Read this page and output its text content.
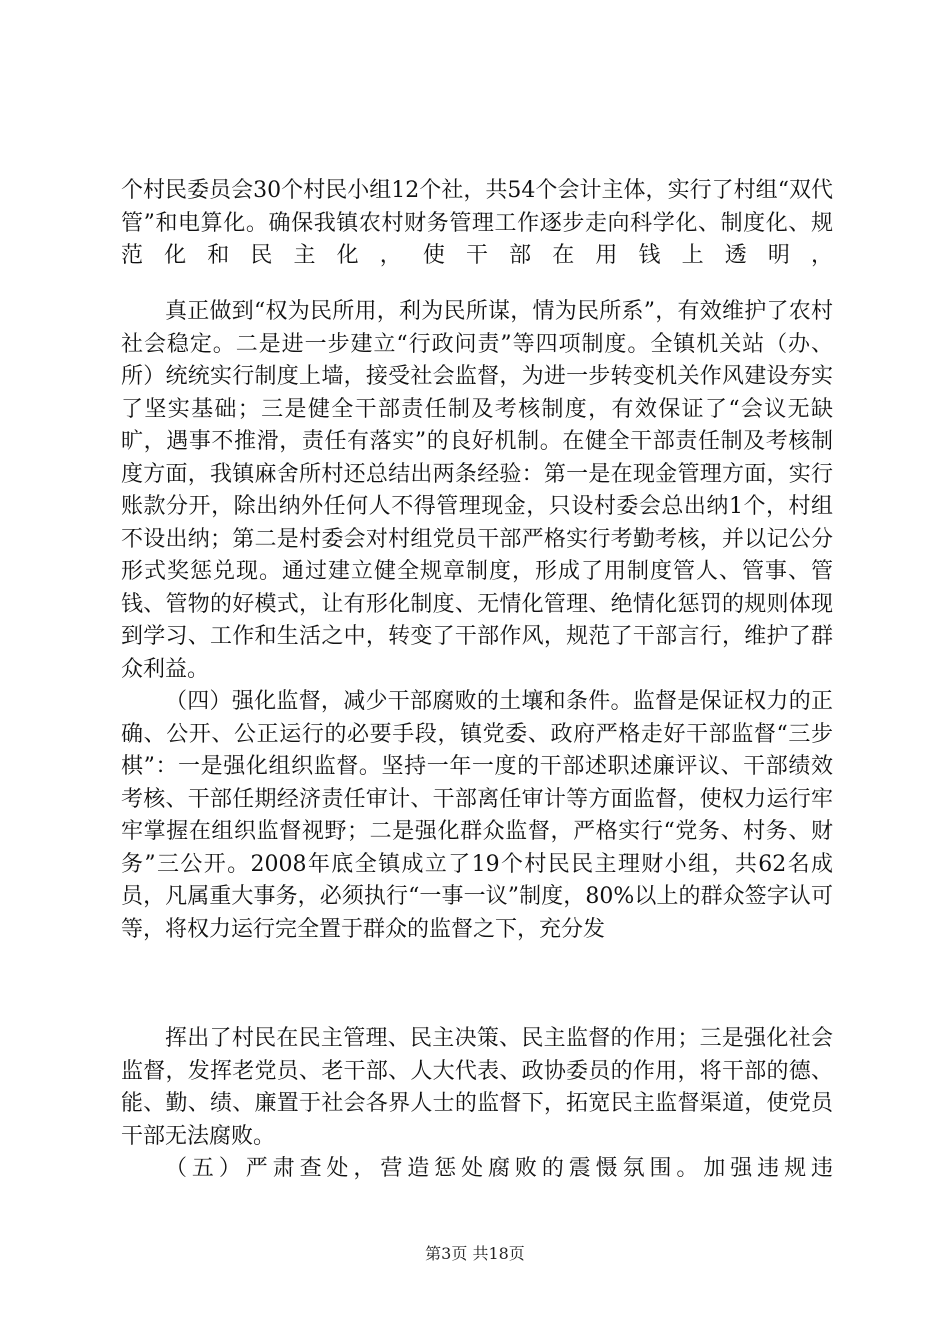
个村民委员会30个村民小组12个社，共54个会计主体，实行了村组“双代管”和电算化。确保我镇农村财务管理工作逐步走向科学化、制度化、规范化和民主化，使干部在用钱上透明，

真正做到“权为民所用，利为民所谋，情为民所系”，有效维护了农村社会稳定。二是进一步建立“行政问责”等四项制度。全镇机关站（办、所）统统实行制度上墙，接受社会监督，为进一步转变机关作风建设夯实了坚实基础；三是健全干部责任制及考核制度，有效保证了“会议无缺旷，遇事不推滑，责任有落实”的良好机制。在健全干部责任制及考核制度方面，我镇麻舍所村还总结出两条经验：第一是在现金管理方面，实行账款分开，除出纳外任何人不得管理现金，只设村委会总出纳1个，村组不设出纳；第二是村委会对村组党员干部严格实行考勤考核，并以记公分形式奖惩兑现。通过建立健全规章制度，形成了用制度管人、管事、管钱、管物的好模式，让有形化制度、无情化管理、绝情化惩罚的规则体现到学习、工作和生活之中，转变了干部作风，规范了干部言行，维护了群众利益。

（四）强化监督，减少干部腐败的土壤和条件。监督是保证权力的正确、公开、公正运行的必要手段，镇党委、政府严格走好干部监督“三步棋”：一是强化组织监督。坚持一年一度的干部述职述廉评议、干部绩效考核、干部任期经济责任审计、干部离任审计等方面监督，使权力运行牢牢掌握在组织监督视野；二是强化群众监督，严格实行“党务、村务、财务”三公开。2008年底全镇成立了19个村民民主理财小组，共62名成员，凡属重大事务，必须执行“一事一议”制度，80%以上的群众签字认可等，将权力运行完全置于群众的监督之下，充分发

挥出了村民在民主管理、民主决策、民主监督的作用；三是强化社会监督，发挥老党员、老干部、人大代表、政协委员的作用，将干部的德、能、勤、绩、廉置于社会各界人士的监督下，拓宽民主监督渠道，使党员干部无法腐败。

（五）严肃查处，营造惩处腐败的震慑氛围。加强违规违

第3页 共18页
